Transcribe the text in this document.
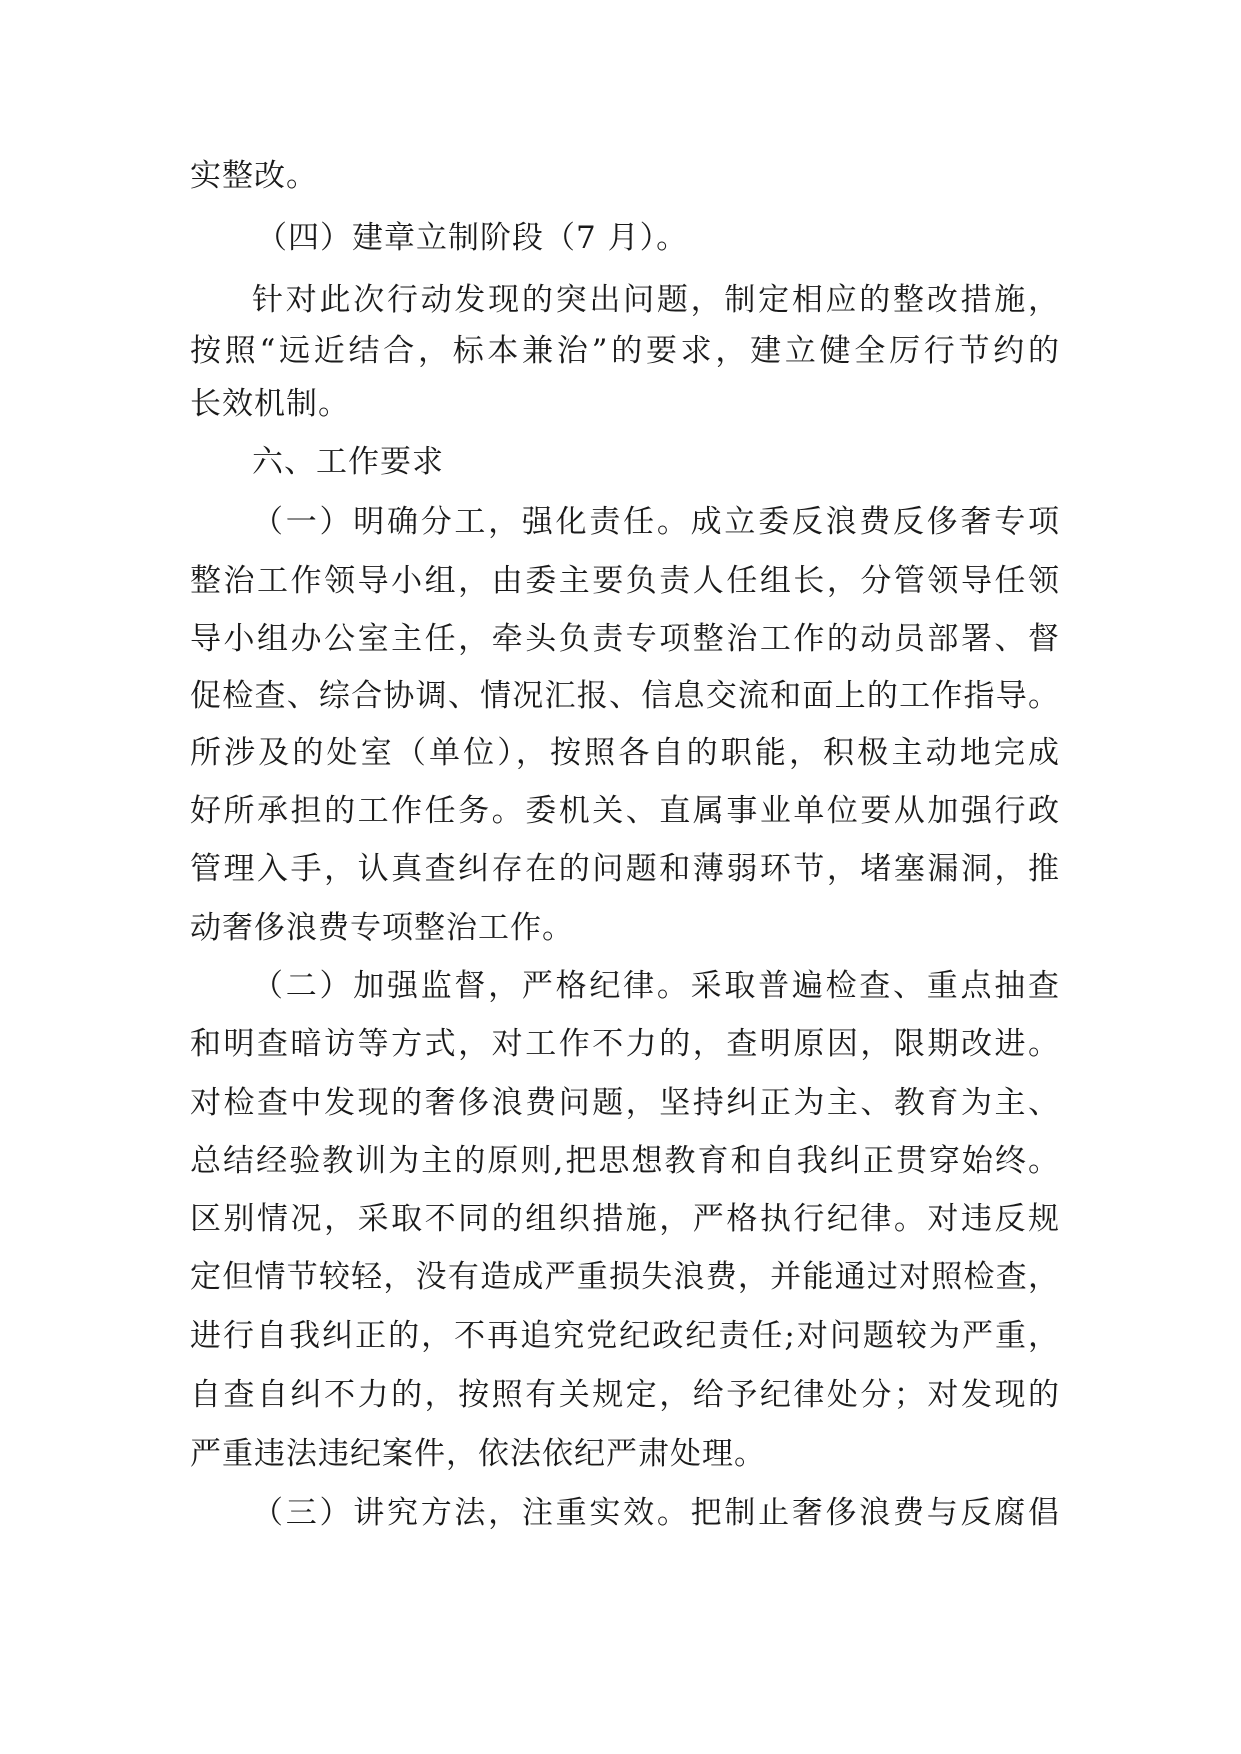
实整改。
（四）建章立制阶段（7 月）。
针对此次行动发现的突出问题，制定相应的整改措施，
按照“远近结合，标本兼治”的要求，建立健全厉行节约的
长效机制。
六、工作要求
（一）明确分工，强化责任。成立委反浪费反侈奢专项
整治工作领导小组，由委主要负责人任组长，分管领导任领
导小组办公室主任，牵头负责专项整治工作的动员部署、督
促检查、综合协调、情况汇报、信息交流和面上的工作指导。
所涉及的处室（单位），按照各自的职能，积极主动地完成
好所承担的工作任务。委机关、直属事业单位要从加强行政
管理入手，认真查纠存在的问题和薄弱环节，堵塞漏洞，推
动奢侈浪费专项整治工作。
（二）加强监督，严格纪律。采取普遍检查、重点抽查
和明查暗访等方式，对工作不力的，查明原因，限期改进。
对检查中发现的奢侈浪费问题，坚持纠正为主、教育为主、
总结经验教训为主的原则,把思想教育和自我纠正贯穿始终。
区别情况，采取不同的组织措施，严格执行纪律。对违反规
定但情节较轻，没有造成严重损失浪费，并能通过对照检查，
进行自我纠正的，不再追究党纪政纪责任;对问题较为严重，
自查自纠不力的，按照有关规定，给予纪律处分；对发现的
严重违法违纪案件，依法依纪严肃处理。
（三）讲究方法，注重实效。把制止奢侈浪费与反腐倡
